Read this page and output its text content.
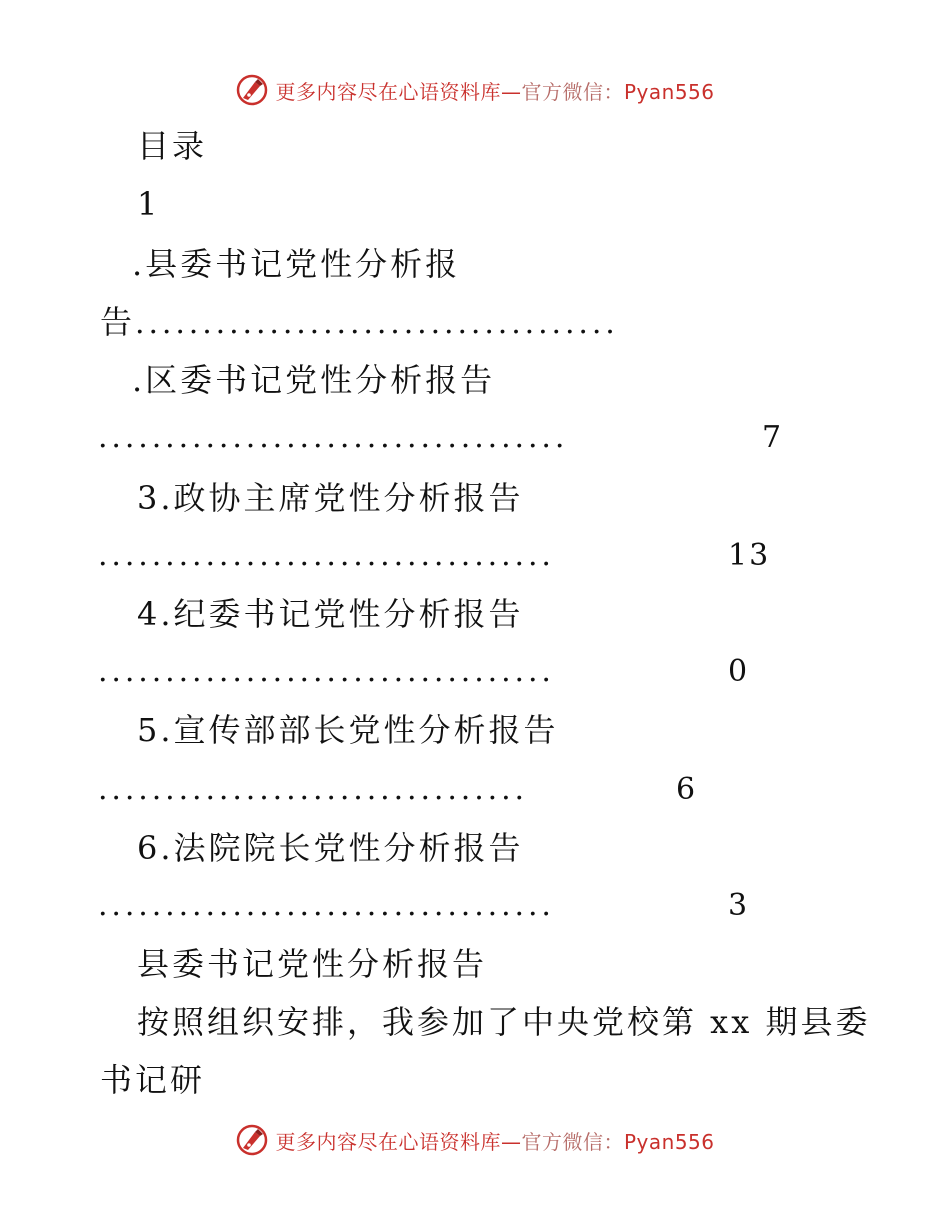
更多内容尽在心语资料库—官方微信：Pyan556
目录
1
.县委书记党性分析报
告....................................
.区委书记党性分析报告
...................................	7
3.政协主席党性分析报告
..................................	13
4.纪委书记党性分析报告
..................................	0
5.宣传部部长党性分析报告
................................	6
6.法院院长党性分析报告
..................................	3
县委书记党性分析报告
按照组织安排，我参加了中央党校第 xx 期县委
书记研
更多内容尽在心语资料库—官方微信：Pyan556
